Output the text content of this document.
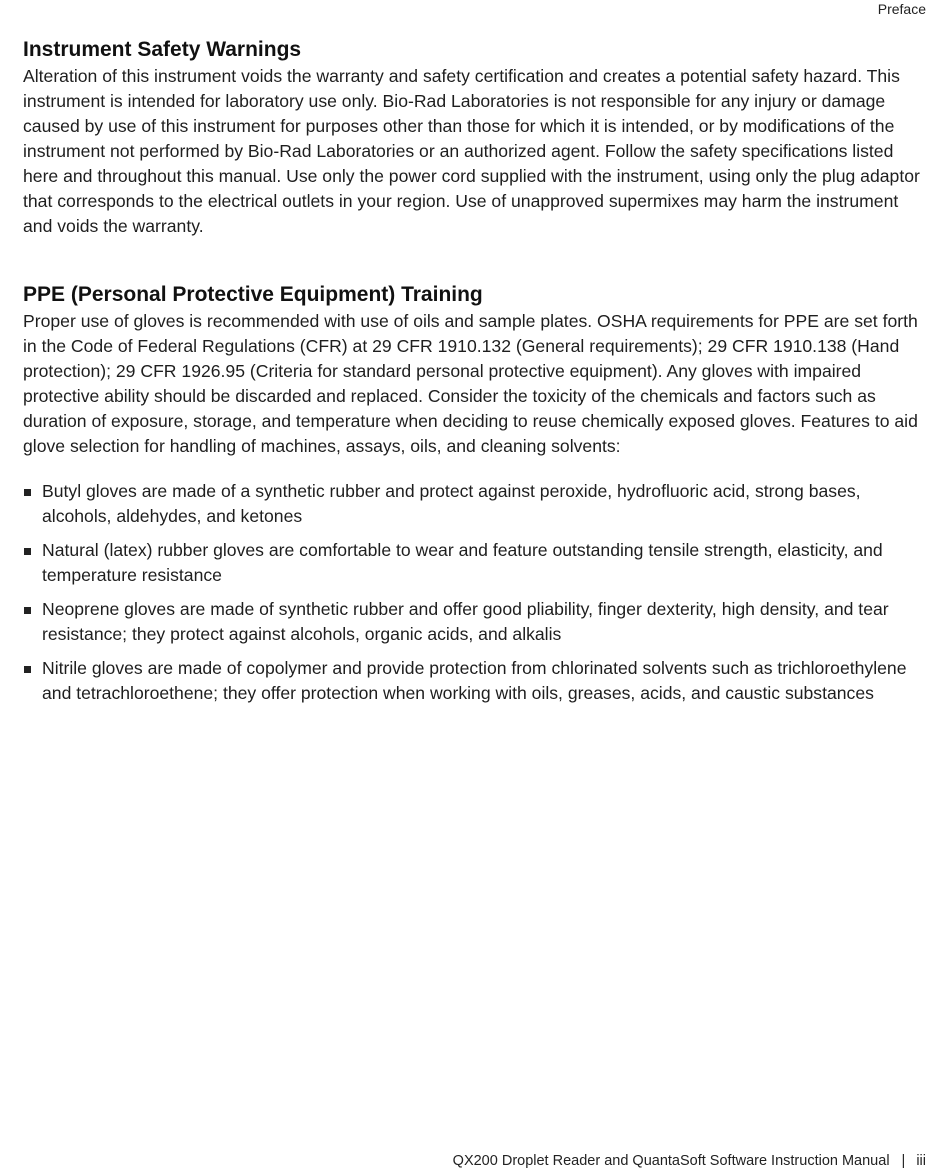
Preface
Instrument Safety Warnings

Alteration of this instrument voids the warranty and safety certification and creates a potential safety hazard. This instrument is intended for laboratory use only. Bio-Rad Laboratories is not responsible for any injury or damage caused by use of this instrument for purposes other than those for which it is intended, or by modifications of the instrument not performed by Bio-Rad Laboratories or an authorized agent. Follow the safety specifications listed here and throughout this manual. Use only the power cord supplied with the instrument, using only the plug adaptor that corresponds to the electrical outlets in your region. Use of unapproved supermixes may harm the instrument and voids the warranty.

PPE (Personal Protective Equipment) Training

Proper use of gloves is recommended with use of oils and sample plates. OSHA requirements for PPE are set forth in the Code of Federal Regulations (CFR) at 29 CFR 1910.132 (General requirements); 29 CFR 1910.138 (Hand protection); 29 CFR 1926.95 (Criteria for standard personal protective equipment). Any gloves with impaired protective ability should be discarded and replaced. Consider the toxicity of the chemicals and factors such as duration of exposure, storage, and temperature when deciding to reuse chemically exposed gloves. Features to aid glove selection for handling of machines, assays, oils, and cleaning solvents:

Butyl gloves are made of a synthetic rubber and protect against peroxide, hydrofluoric acid, strong bases, alcohols, aldehydes, and ketones
Natural (latex) rubber gloves are comfortable to wear and feature outstanding tensile strength, elasticity, and temperature resistance
Neoprene gloves are made of synthetic rubber and offer good pliability, finger dexterity, high density, and tear resistance; they protect against alcohols, organic acids, and alkalis
Nitrile gloves are made of copolymer and provide protection from chlorinated solvents such as trichloroethylene and tetrachloroethene; they offer protection when working with oils, greases, acids, and caustic substances
QX200 Droplet Reader and QuantaSoft Software Instruction Manual | iii
